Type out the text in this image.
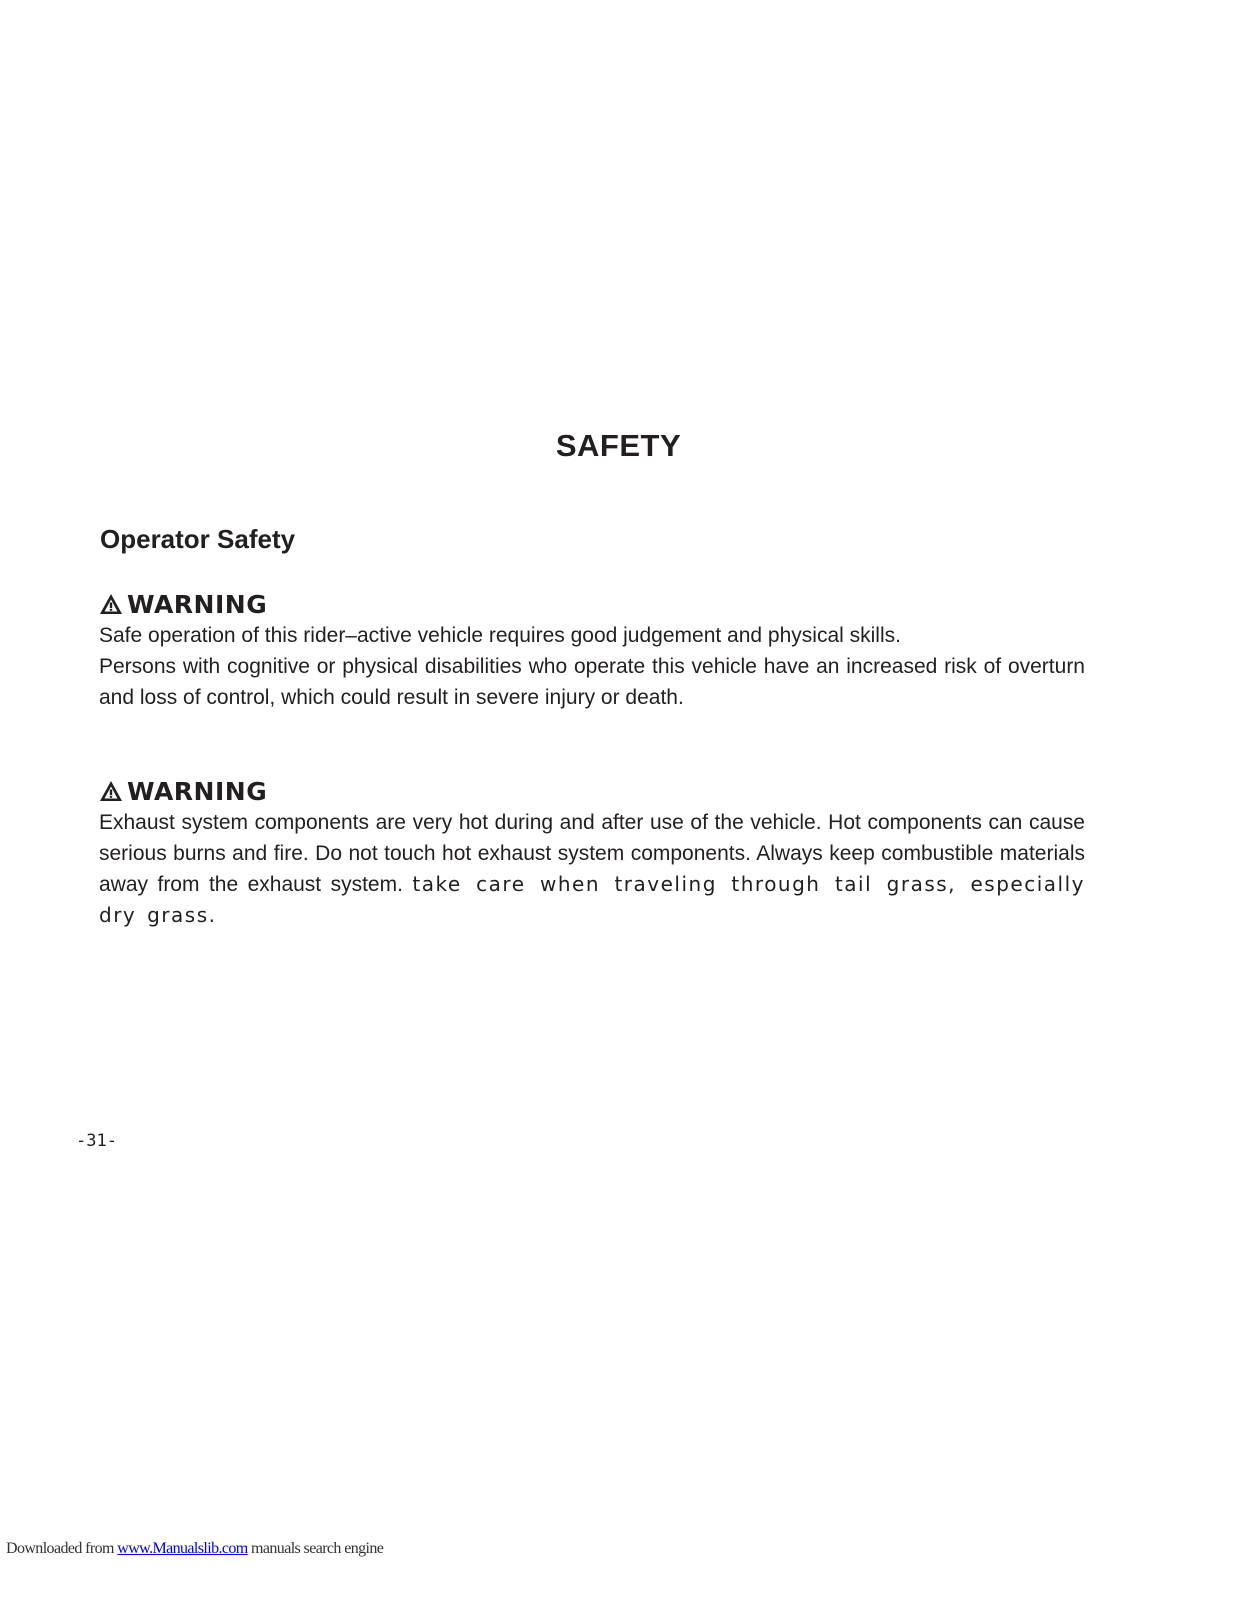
SAFETY
Operator Safety
WARNING

Safe operation of this rider–active vehicle requires good judgement and physical skills.

Persons with cognitive or physical disabilities who operate this vehicle have an increased risk of overturn and loss of control, which could result in severe injury or death.

WARNING

Exhaust system components are very hot during and after use of the vehicle. Hot components can cause serious burns and fire. Do not touch hot exhaust system components. Always keep combustible materials away from the exhaust system. take care when traveling through tail grass, especially dry grass.

-31-
Downloaded from www.Manualslib.com manuals search engine
